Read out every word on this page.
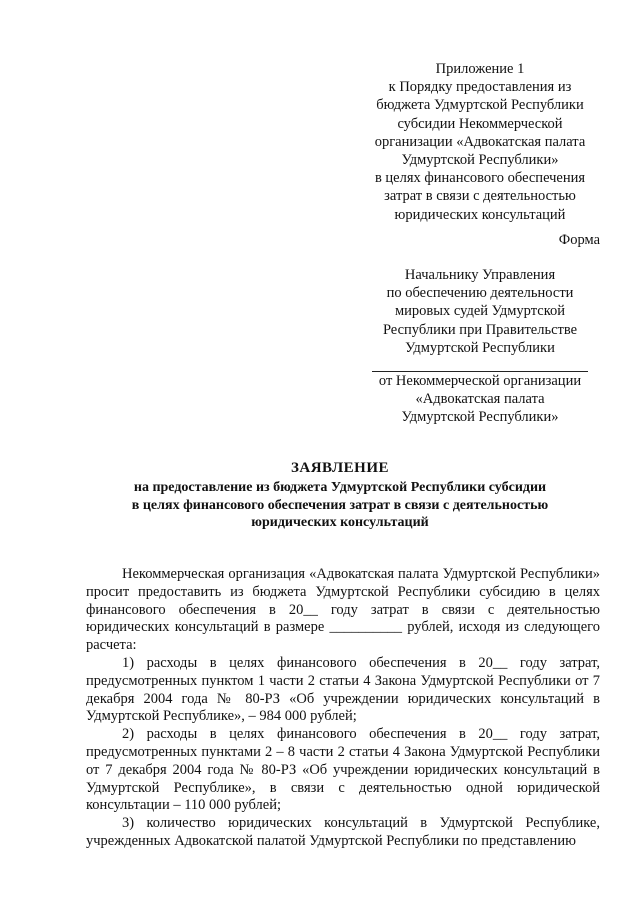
Приложение 1
к Порядку предоставления из
бюджета Удмуртской Республики
субсидии Некоммерческой
организации «Адвокатская палата
Удмуртской Республики»
в целях финансового обеспечения
затрат в связи с деятельностью
юридических консультаций
Форма
Начальнику Управления
по обеспечению деятельности
мировых судей Удмуртской
Республики при Правительстве
Удмуртской Республики
от Некоммерческой организации
«Адвокатская палата
Удмуртской Республики»
ЗАЯВЛЕНИЕ
на предоставление из бюджета Удмуртской Республики субсидии
в целях финансового обеспечения затрат в связи с деятельностью
юридических консультаций

Некоммерческая организация «Адвокатская палата Удмуртской Республики» просит предоставить из бюджета Удмуртской Республики субсидию в целях финансового обеспечения в 20__ году затрат в связи с деятельностью юридических консультаций в размере __________ рублей, исходя из следующего расчета:

1) расходы в целях финансового обеспечения в 20__ году затрат, предусмотренных пунктом 1 части 2 статьи 4 Закона Удмуртской Республики от 7 декабря 2004 года № 80-РЗ «Об учреждении юридических консультаций в Удмуртской Республике», – 984 000 рублей;

2) расходы в целях финансового обеспечения в 20__ году затрат, предусмотренных пунктами 2 – 8 части 2 статьи 4 Закона Удмуртской Республики от 7 декабря 2004 года № 80-РЗ «Об учреждении юридических консультаций в Удмуртской Республике», в связи с деятельностью одной юридической консультации – 110 000 рублей;

3) количество юридических консультаций в Удмуртской Республике, учрежденных Адвокатской палатой Удмуртской Республики по представлению
